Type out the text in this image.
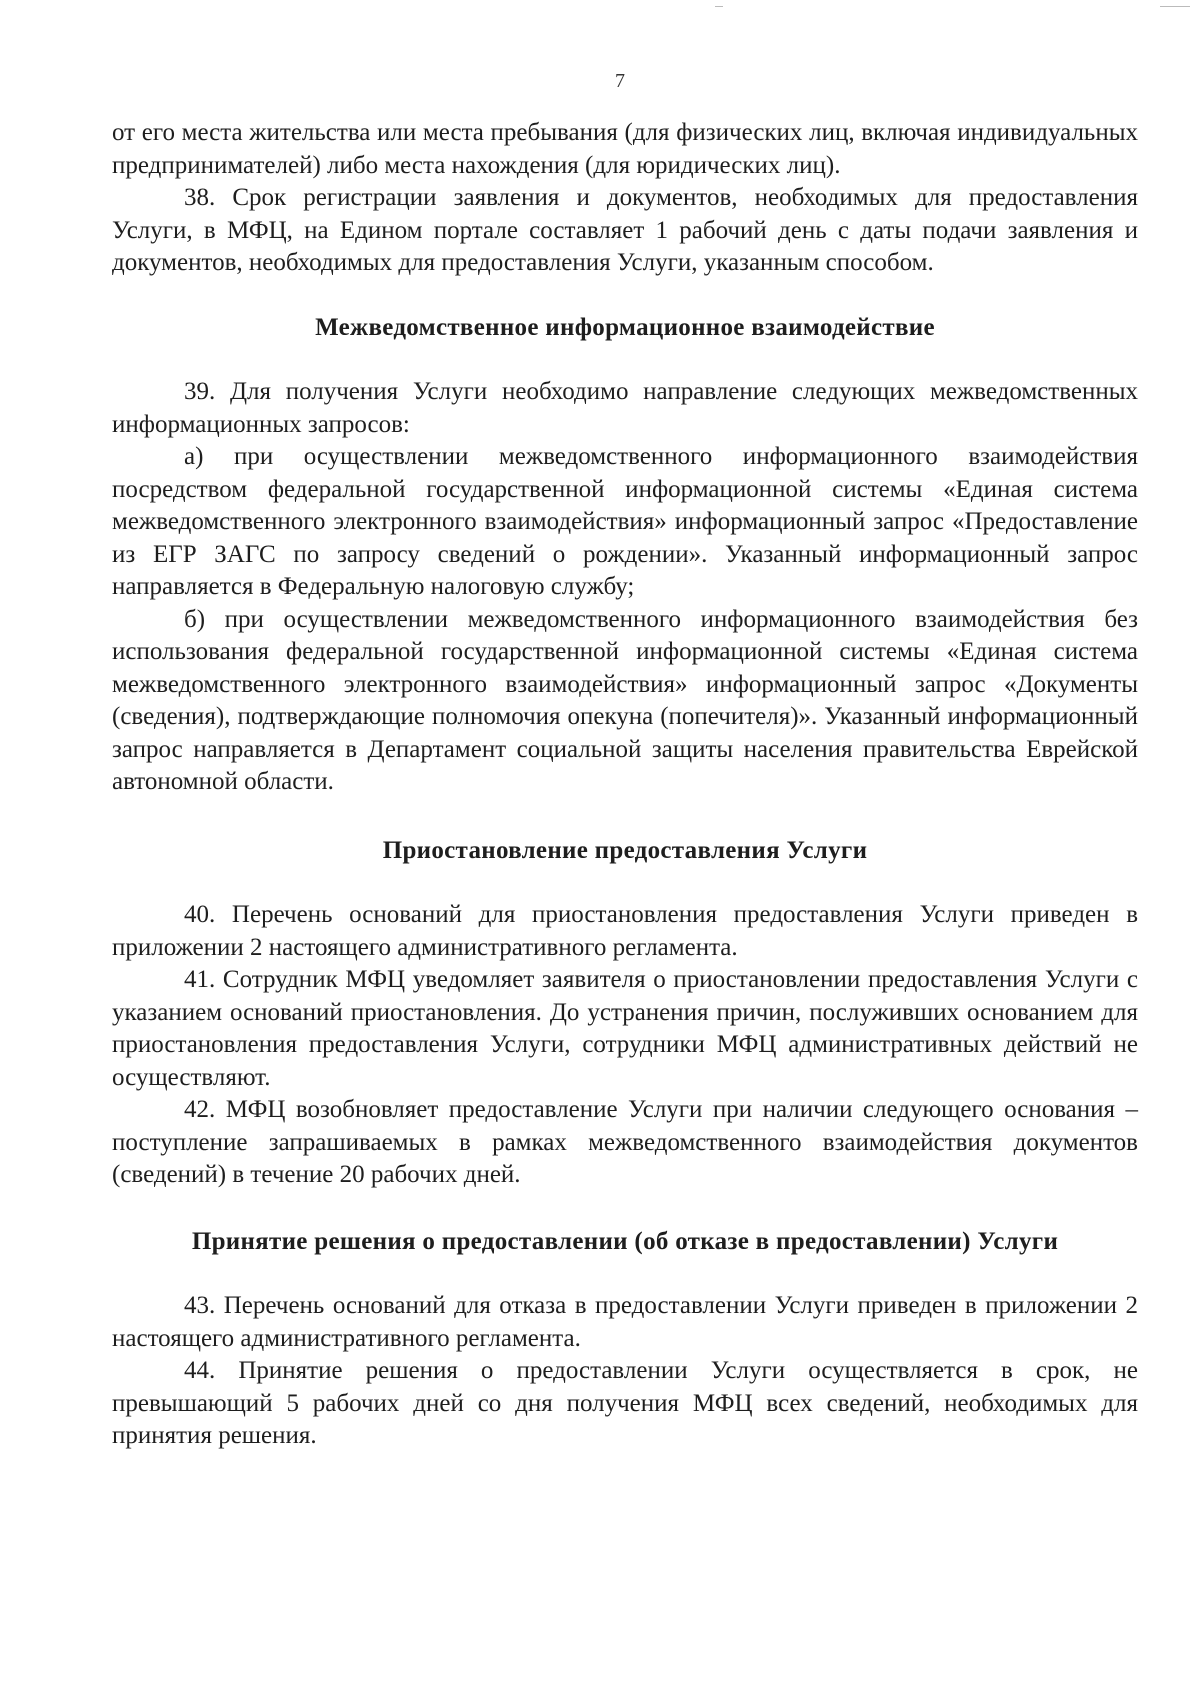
7

от его места жительства или места пребывания (для физических лиц, включая индивидуальных предпринимателей) либо места нахождения (для юридических лиц).

38. Срок регистрации заявления и документов, необходимых для предоставления Услуги, в МФЦ, на Едином портале составляет 1 рабочий день с даты подачи заявления и документов, необходимых для предоставления Услуги, указанным способом.

Межведомственное информационное взаимодействие

39. Для получения Услуги необходимо направление следующих межведомственных информационных запросов:

а) при осуществлении межведомственного информационного взаимодействия посредством федеральной государственной информационной системы «Единая система межведомственного электронного взаимодействия» информационный запрос «Предоставление из ЕГР ЗАГС по запросу сведений о рождении». Указанный информационный запрос направляется в Федеральную налоговую службу;

б) при осуществлении межведомственного информационного взаимодействия без использования федеральной государственной информационной системы «Единая система межведомственного электронного взаимодействия» информационный запрос «Документы (сведения), подтверждающие полномочия опекуна (попечителя)». Указанный информационный запрос направляется в Департамент социальной защиты населения правительства Еврейской автономной области.

Приостановление предоставления Услуги

40. Перечень оснований для приостановления предоставления Услуги приведен в приложении 2 настоящего административного регламента.

41. Сотрудник МФЦ уведомляет заявителя о приостановлении предоставления Услуги с указанием оснований приостановления. До устранения причин, послуживших основанием для приостановления предоставления Услуги, сотрудники МФЦ административных действий не осуществляют.

42. МФЦ возобновляет предоставление Услуги при наличии следующего основания – поступление запрашиваемых в рамках межведомственного взаимодействия документов (сведений) в течение 20 рабочих дней.

Принятие решения о предоставлении (об отказе в предоставлении) Услуги

43. Перечень оснований для отказа в предоставлении Услуги приведен в приложении 2 настоящего административного регламента.

44. Принятие решения о предоставлении Услуги осуществляется в срок, не превышающий 5 рабочих дней со дня получения МФЦ всех сведений, необходимых для принятия решения.
